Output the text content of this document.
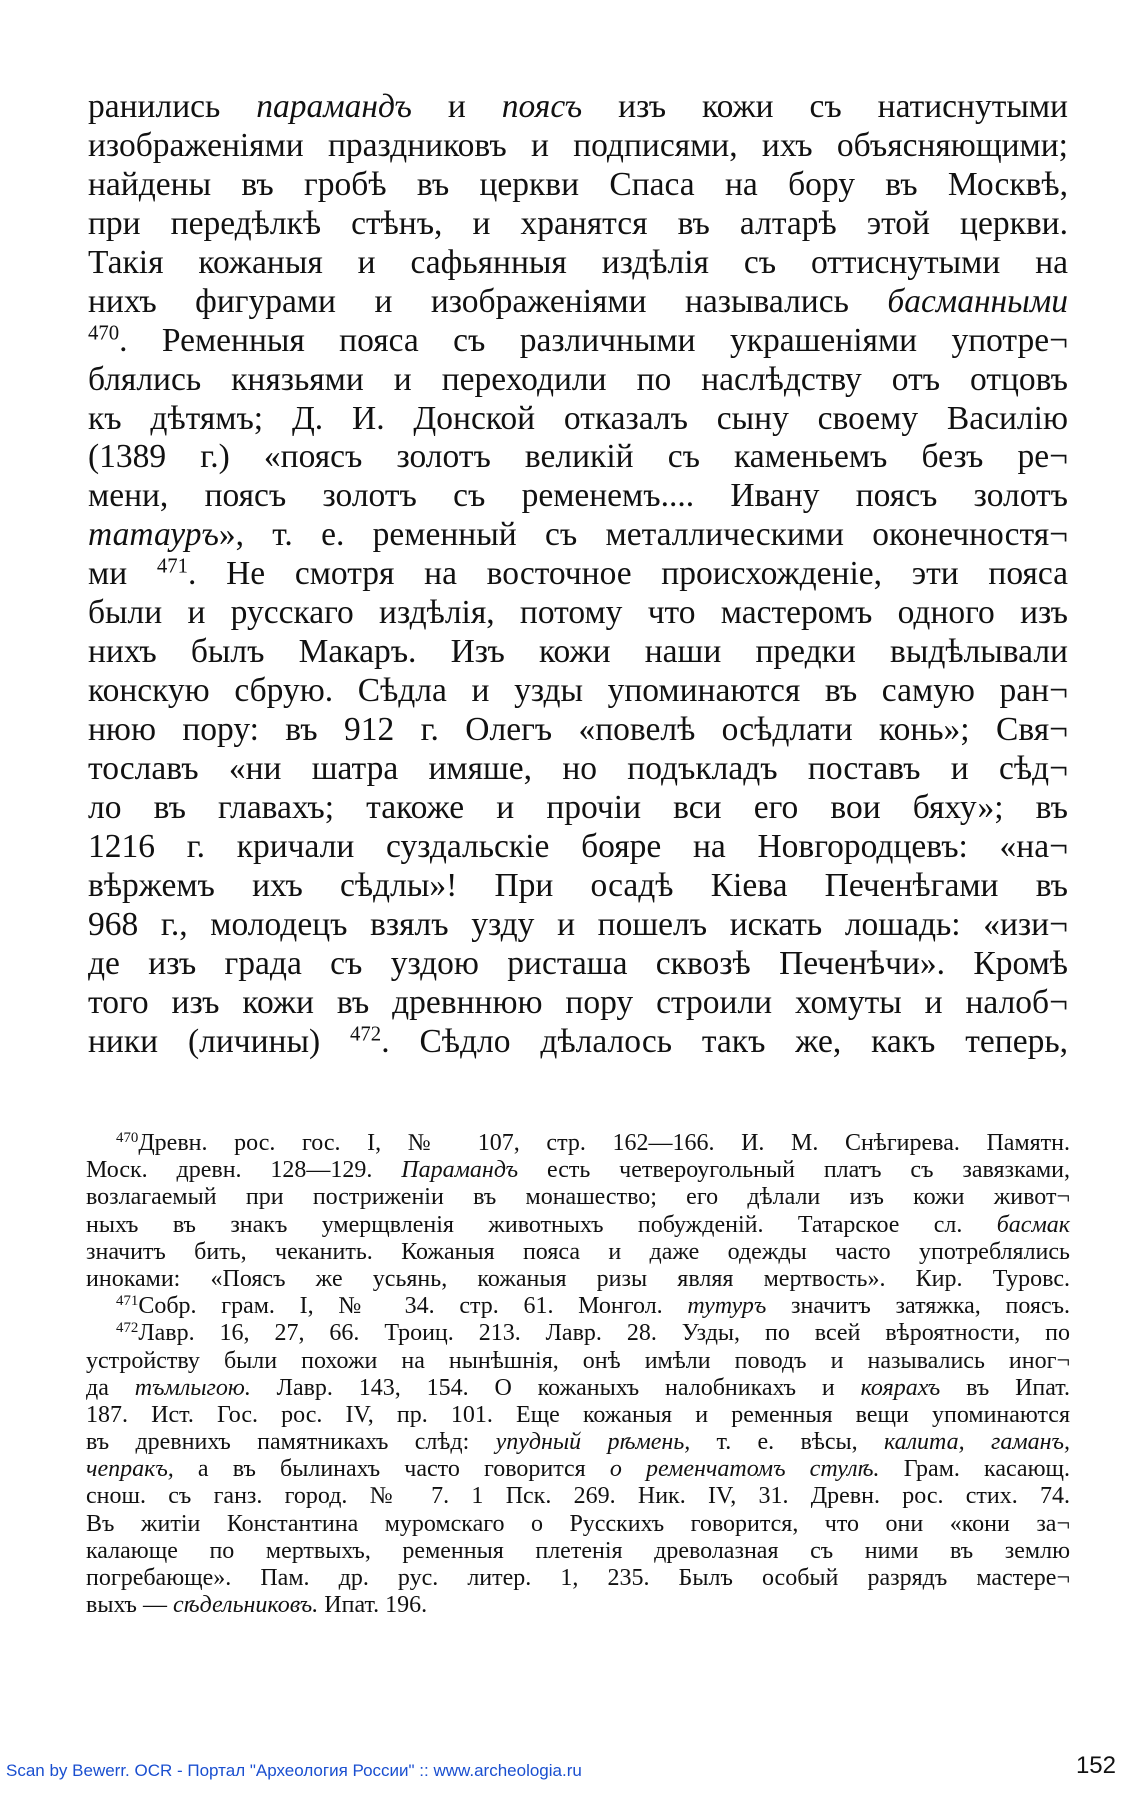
ранились парамандъ и поясъ изъ кожи съ натиснутыми
изображеніями праздниковъ и подписями, ихъ объясняющими;
найдены въ гробѣ въ церкви Спаса на бору въ Москвѣ,
при передѣлкѣ стѣнъ, и хранятся въ алтарѣ этой церкви.
Такія кожаныя и сафьянныя издѣлія съ оттиснутыми на
нихъ фигурами и изображеніями назывались басманными
$^{470}$. Ременныя пояса съ различными украшеніями употре¬
блялись князьями и переходили по наслѣдству отъ отцовъ
къ дѣтямъ; Д. И. Донской отказалъ сыну своему Василію
(1389 г.) «поясъ золотъ великій съ каменьемъ безъ ре¬
мени, поясъ золотъ съ ременемъ.... Ивану поясъ золотъ
татауръ», т. е. ременный съ металлическими оконечностя¬
ми $^{471}$. Не смотря на восточное происхожденіе, эти пояса
были и русскаго издѣлія, потому что мастеромъ одного изъ
нихъ былъ Макаръ. Изъ кожи наши предки выдѣлывали
конскую сбрую. Сѣдла и узды упоминаются въ самую ран¬
нюю пору: въ 912 г. Олегъ «повелѣ осѣдлати конь»; Свя¬
тославъ «ни шатра имяше, но подъкладъ поставъ и сѣд¬
ло въ главахъ; такоже и прочіи вси его вои бяху»; въ
1216 г. кричали суздальскіе бояре на Новгородцевъ: «на¬
вѣржемъ ихъ сѣдлы»! При осадѣ Кіева Печенѣгами въ
968 г., молодецъ взялъ узду и пошелъ искать лошадь: «изи¬
де изъ града съ уздою ристаша сквозѣ Печенѣчи». Кромѣ
того изъ кожи въ древннюю пору строили хомуты и налоб¬
ники (личины) $^{472}$. Сѣдло дѣлалось такъ же, какъ теперь,
$^{470}$Древн. рос. гос. I, № 107, стр. 162—166. И. М. Снѣгирева. Памятн.
Моск. древн. 128—129. Парамандъ есть четвероугольный платъ съ завязками,
возлагаемый при постриженіи въ монашество; его дѣлали изъ кожи живот¬
ныхъ въ знакъ умерщвленія животныхъ побужденій. Татарское сл. басмак
значитъ бить, чеканить. Кожаныя пояса и даже одежды часто употреблялись
иноками: «Поясъ же усьянь, кожаныя ризы являя мертвость». Кир. Туровс.
$^{471}$Собр. грам. I, № 34. стр. 61. Монгол. тутуръ значитъ затяжка, поясъ.
$^{472}$Лавр. 16, 27, 66. Троиц. 213. Лавр. 28. Узды, по всей вѣроятности, по
устройству были похожи на нынѣшнія, онѣ имѣли поводъ и назывались иног¬
да тъмлыгою. Лавр. 143, 154. О кожаныхъ налобникахъ и коярахъ въ Ипат.
187. Ист. Гос. рос. IV, пр. 101. Еще кожаныя и ременныя вещи упоминаются
въ древнихъ памятникахъ слѣд: упудный рѣмень, т. е. вѣсы, калита, гаманъ,
чепракъ, а въ былинахъ часто говорится о ременчатомъ стулѣ. Грам. касающ.
снош. съ ганз. город. № 7. 1 Пск. 269. Ник. IV, 31. Древн. рос. стих. 74.
Въ житіи Константина муромскаго о Русскихъ говорится, что они «кони за¬
калающе по мертвыхъ, ременныя плетенія древолазная съ ними въ землю
погребающе». Пам. др. рус. литер. 1, 235. Былъ особый разрядъ мастере¬
выхъ — сѣдельниковъ. Ипат. 196.
Scan by Bewerr. OCR - Портал "Археология России" :: www.archeologia.ru	152
